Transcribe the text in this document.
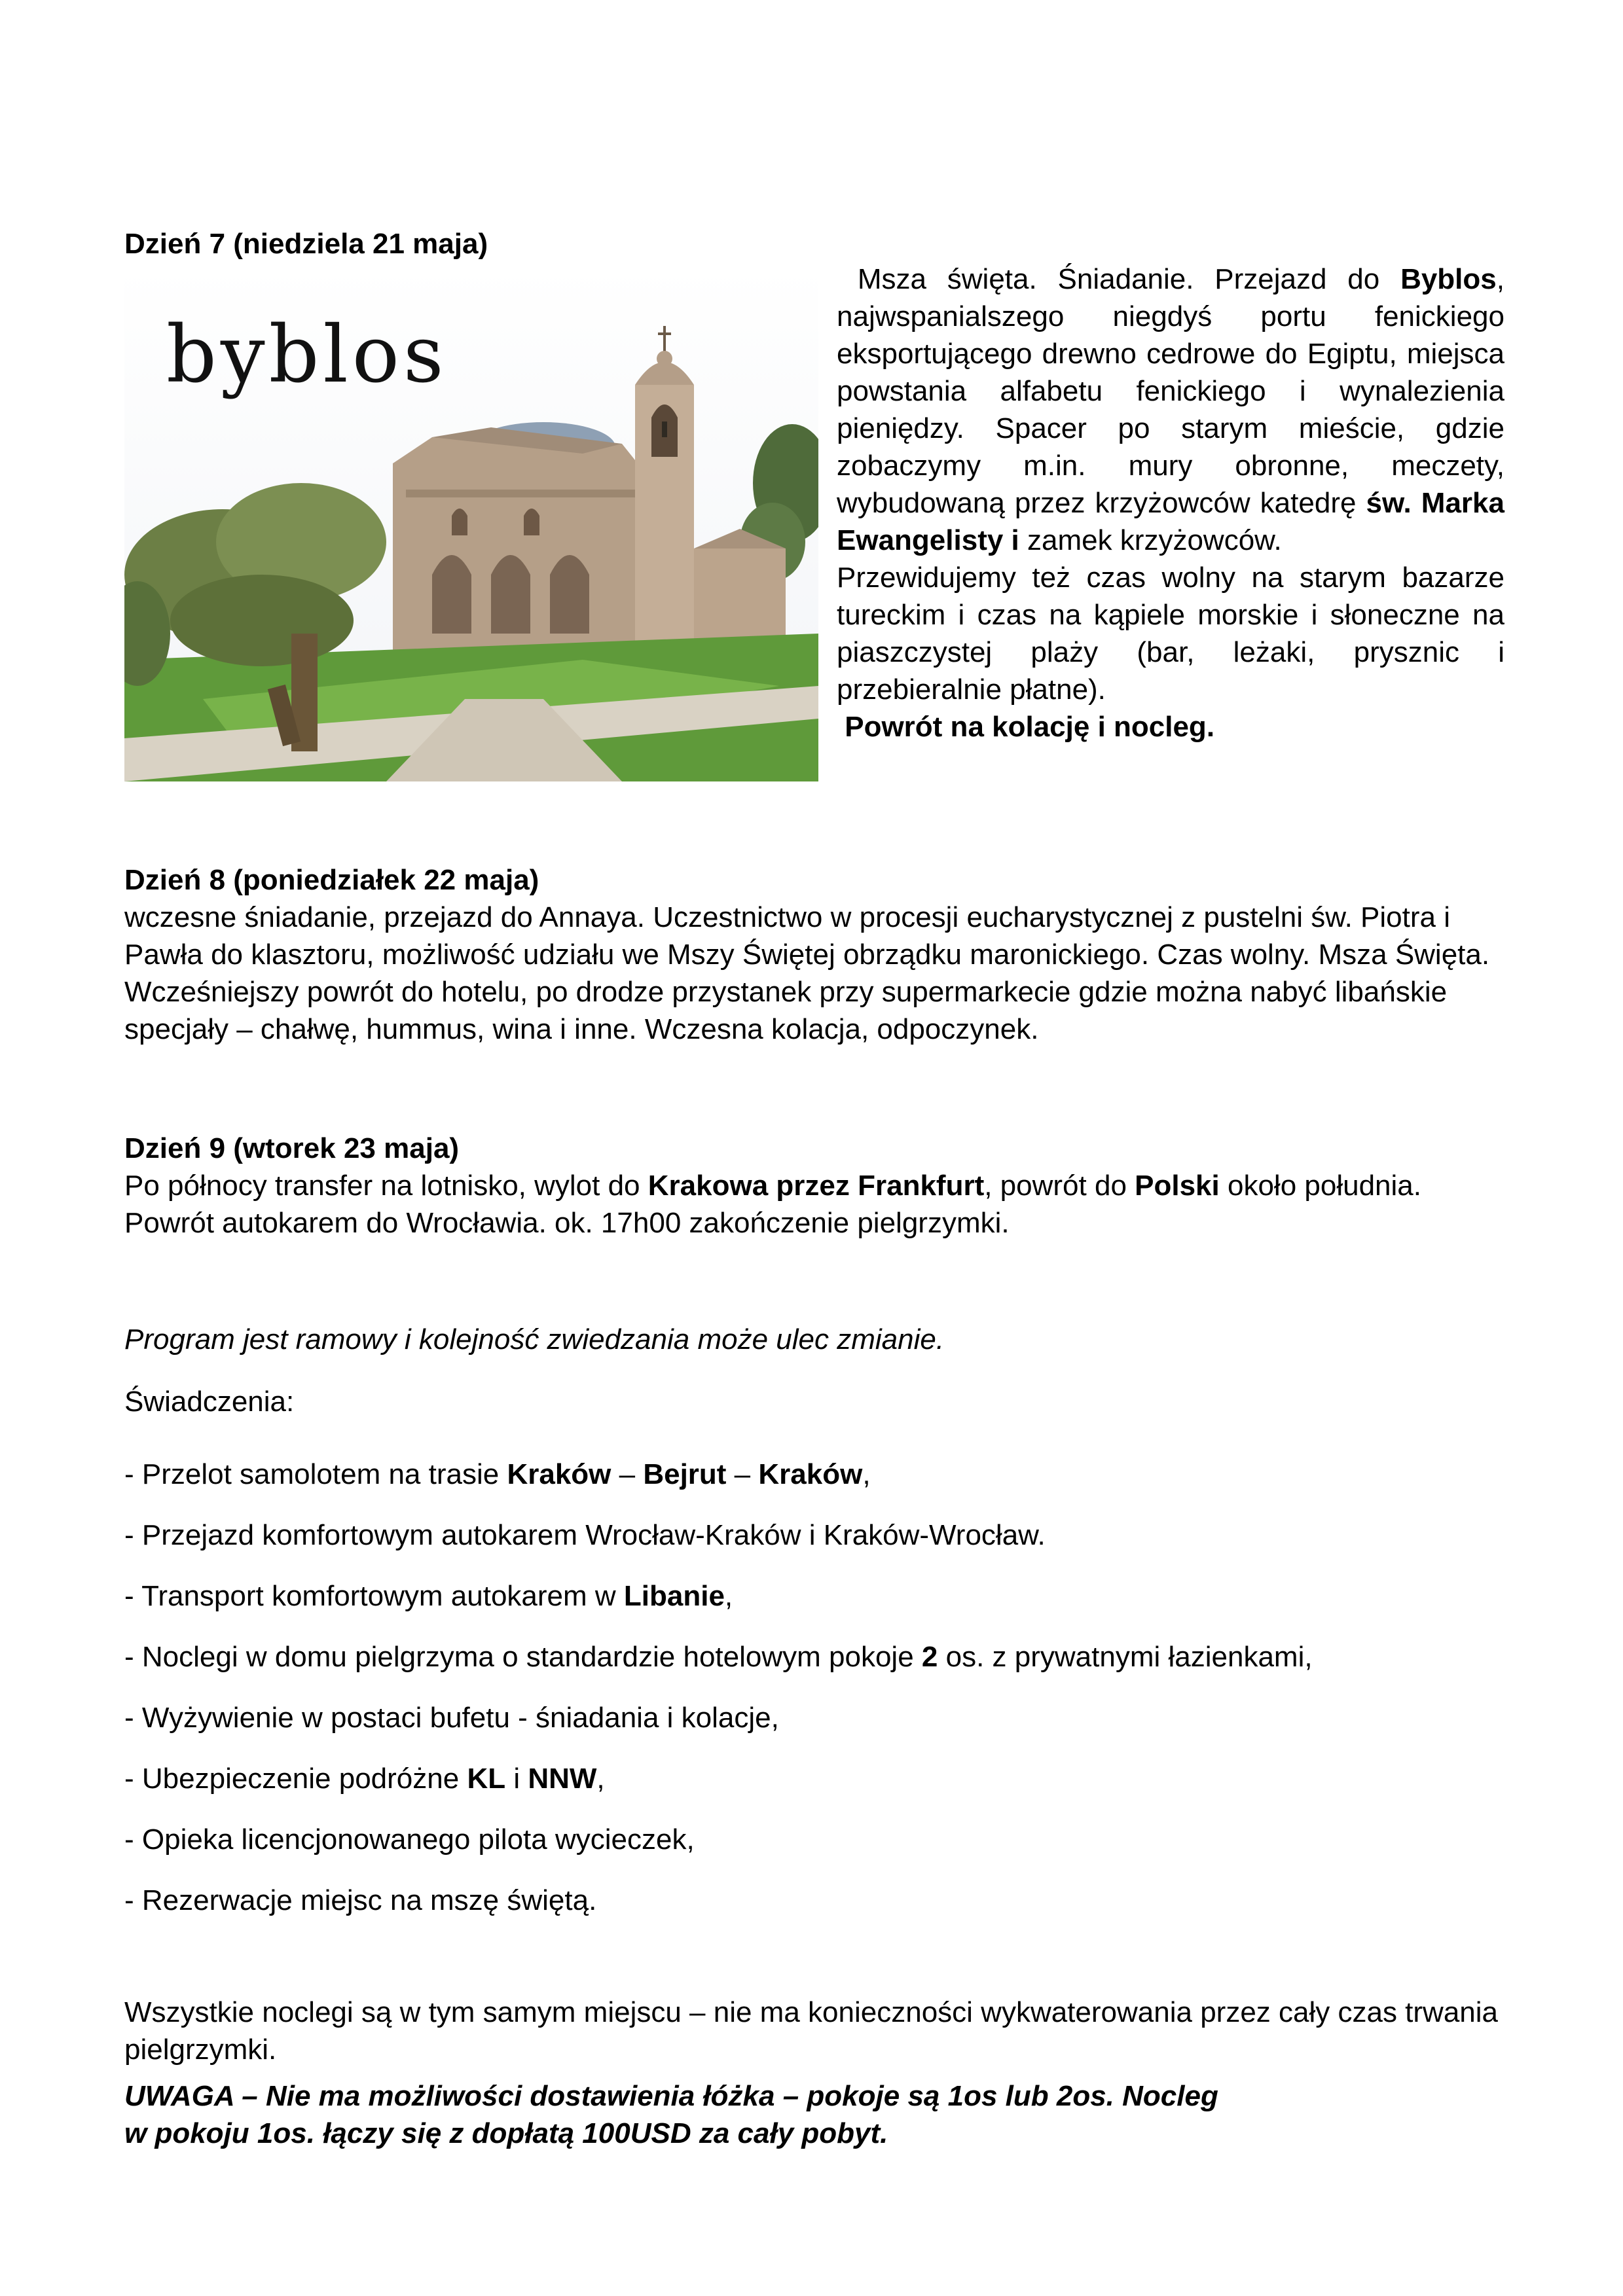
Dzień 7 (niedziela 21 maja)
byblos

Msza święta. Śniadanie. Przejazd do Byblos, najwspanialszego niegdyś portu fenickiego eksportującego drewno cedrowe do Egiptu, miejsca powstania alfabetu fenickiego i wynalezienia pieniędzy. Spacer po starym mieście, gdzie zobaczymy m.in. mury obronne, meczety, wybudowaną przez krzyżowców katedrę św. Marka Ewangelisty i zamek krzyżowców.

Przewidujemy też czas wolny na starym bazarze tureckim i czas na kąpiele morskie i słoneczne na piaszczystej plaży (bar, leżaki, prysznic i przebieralnie płatne).

Powrót na kolację i nocleg.

Dzień 8 (poniedziałek 22 maja)

wczesne śniadanie, przejazd do Annaya. Uczestnictwo w procesji eucharystycznej z pustelni św. Piotra i Pawła do klasztoru, możliwość udziału we Mszy Świętej obrządku maronickiego. Czas wolny. Msza Święta.

Wcześniejszy powrót do hotelu, po drodze przystanek przy supermarkecie gdzie można nabyć libańskie specjały – chałwę, hummus, wina i inne. Wczesna kolacja, odpoczynek.

Dzień 9 (wtorek 23 maja)

Po północy transfer na lotnisko, wylot do Krakowa przez Frankfurt, powrót do Polski około południa. Powrót autokarem do Wrocławia. ok. 17h00 zakończenie pielgrzymki.

Program jest ramowy i kolejność zwiedzania może ulec zmianie.
Świadczenia:
- Przelot samolotem na trasie Kraków – Bejrut – Kraków,
- Przejazd komfortowym autokarem Wrocław-Kraków i Kraków-Wrocław.
- Transport komfortowym autokarem w Libanie,
- Noclegi w domu pielgrzyma o standardzie hotelowym pokoje 2 os. z prywatnymi łazienkami,
- Wyżywienie w postaci bufetu - śniadania i kolacje,
- Ubezpieczenie podróżne KL i NNW,
- Opieka licencjonowanego pilota wycieczek,
- Rezerwacje miejsc na mszę świętą.
Wszystkie noclegi są w tym samym miejscu – nie ma konieczności wykwaterowania przez cały czas trwania pielgrzymki.

UWAGA – Nie ma możliwości dostawienia łóżka – pokoje są 1os lub 2os. Nocleg

w pokoju 1os. łączy się z dopłatą 100USD za cały pobyt.
